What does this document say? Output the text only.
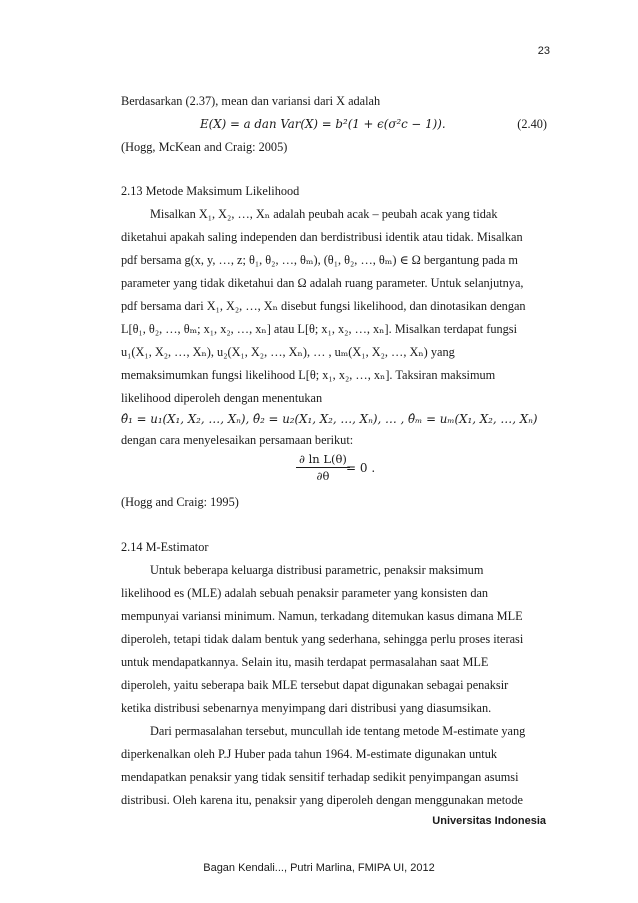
23
Berdasarkan (2.37), mean dan variansi dari X adalah
E(X) = a dan Var(X) = b²(1 + ϵ(σ²c − 1)).	(2.40)
(Hogg, McKean and Craig: 2005)
2.13 Metode Maksimum Likelihood
Misalkan X₁, X₂, …, Xₙ adalah peubah acak – peubah acak yang tidak
diketahui apakah saling independen dan berdistribusi identik atau tidak. Misalkan
pdf bersama g(x, y, …, z; θ₁, θ₂, …, θₘ), (θ₁, θ₂, …, θₘ) ∈ Ω bergantung pada m
parameter yang tidak diketahui dan Ω adalah ruang parameter. Untuk selanjutnya,
pdf bersama dari X₁, X₂, …, Xₙ disebut fungsi likelihood, dan dinotasikan dengan
L[θ₁, θ₂, …, θₘ; x₁, x₂, …, xₙ] atau L[θ; x₁, x₂, …, xₙ]. Misalkan terdapat fungsi
u₁(X₁, X₂, …, Xₙ), u₂(X₁, X₂, …, Xₙ), … , uₘ(X₁, X₂, …, Xₙ) yang
memaksimumkan fungsi likelihood L[θ; x₁, x₂, …, xₙ]. Taksiran maksimum
likelihood diperoleh dengan menentukan
θ̂₁ = u₁(X₁, X₂, …, Xₙ), θ̂₂ = u₂(X₁, X₂, …, Xₙ), … , θ̂ₘ = uₘ(X₁, X₂, …, Xₙ)
dengan cara menyelesaikan persamaan berikut:
$\frac{\text{∂ ln L(θ)}}{\partial\theta}$
= 0 .
(Hogg and Craig: 1995)
2.14 M-Estimator
Untuk beberapa keluarga distribusi parametric, penaksir maksimum
likelihood es (MLE) adalah sebuah penaksir parameter yang konsisten dan
mempunyai variansi minimum. Namun, terkadang ditemukan kasus dimana MLE
diperoleh, tetapi tidak dalam bentuk yang sederhana, sehingga perlu proses iterasi
untuk mendapatkannya. Selain itu, masih terdapat permasalahan saat MLE
diperoleh, yaitu seberapa baik MLE tersebut dapat digunakan sebagai penaksir
ketika distribusi sebenarnya menyimpang dari distribusi yang diasumsikan.
Dari permasalahan tersebut, muncullah ide tentang metode M-estimate yang
diperkenalkan oleh P.J Huber pada tahun 1964. M-estimate digunakan untuk
mendapatkan penaksir yang tidak sensitif terhadap sedikit penyimpangan asumsi
distribusi. Oleh karena itu, penaksir yang diperoleh dengan menggunakan metode
Universitas Indonesia
Bagan Kendali..., Putri Marlina, FMIPA UI, 2012
